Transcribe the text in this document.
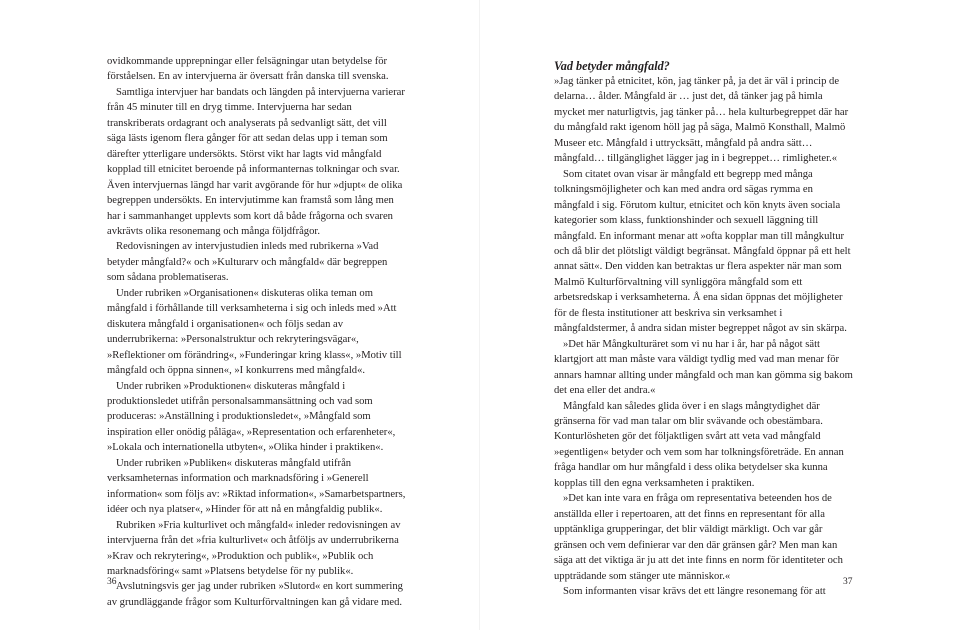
ovidkommande upprepningar eller felsägningar utan betydelse för förståelsen. En av intervjuerna är översatt från danska till svenska.

Samtliga intervjuer har bandats och längden på intervjuerna varierar från 45 minuter till en dryg timme. Intervjuerna har sedan transkriberats ordagrant och analyserats på sedvanligt sätt, det vill säga lästs igenom flera gånger för att sedan delas upp i teman som därefter ytterligare undersökts. Störst vikt har lagts vid mångfald kopplad till etnicitet beroende på informanternas tolkningar och svar. Även intervjuernas längd har varit avgörande för hur »djupt« de olika begreppen undersökts. En intervjutimme kan framstå som lång men har i sammanhanget upplevts som kort då både frågorna och svaren avkrävts olika resonemang och många följdfrågor.

Redovisningen av intervjustudien inleds med rubrikerna »Vad betyder mångfald?« och »Kulturarv och mångfald« där begreppen som sådana problematiseras.

Under rubriken »Organisationen« diskuteras olika teman om mångfald i förhållande till verksamheterna i sig och inleds med »Att diskutera mångfald i organisationen« och följs sedan av underrubrikerna: »Personalstruktur och rekryteringsvägar«, »Reflektioner om förändring«, »Funderingar kring klass«, »Motiv till mångfald och öppna sinnen«, »I konkurrens med mångfald«.

Under rubriken »Produktionen« diskuteras mångfald i produktionsledet utifrån personalsammansättning och vad som produceras: »Anställning i produktionsledet«, »Mångfald som inspiration eller onödig påläga«, »Representation och erfarenheter«, »Lokala och internationella utbyten«, »Olika hinder i praktiken«.

Under rubriken »Publiken« diskuteras mångfald utifrån verksamheternas information och marknadsföring i »Generell information« som följs av: »Riktad information«, »Samarbetspartners, idéer och nya platser«, »Hinder för att nå en mångfaldig publik«.

Rubriken »Fria kulturlivet och mångfald« inleder redovisningen av intervjuerna från det »fria kulturlivet« och åtföljs av underrubrikerna »Krav och rekrytering«, »Produktion och publik«, »Publik och marknadsföring« samt »Platsens betydelse för ny publik«.

Avslutningsvis ger jag under rubriken »Slutord« en kort summering av grundläggande frågor som Kulturförvaltningen kan gå vidare med.

36
Vad betyder mångfald?

»Jag tänker på etnicitet, kön, jag tänker på, ja det är väl i princip de delarna… ålder. Mångfald är … just det, då tänker jag på himla mycket mer naturligtvis, jag tänker på… hela kulturbegreppet där har du mångfald rakt igenom höll jag på säga, Malmö Konsthall, Malmö Museer etc. Mångfald i uttrycksätt, mångfald på andra sätt… mångfald… tillgänglighet lägger jag in i begreppet… rimligheter.«

Som citatet ovan visar är mångfald ett begrepp med många tolkningsmöjligheter och kan med andra ord sägas rymma en mångfald i sig. Förutom kultur, etnicitet och kön knyts även sociala kategorier som klass, funktionshinder och sexuell läggning till mångfald. En informant menar att »ofta kopplar man till mångkultur och då blir det plötsligt väldigt begränsat. Mångfald öppnar på ett helt annat sätt«. Den vidden kan betraktas ur flera aspekter när man som Malmö Kulturförvaltning vill synliggöra mångfald som ett arbetsredskap i verksamheterna. Å ena sidan öppnas det möjligheter för de flesta institutioner att beskriva sin verksamhet i mångfaldstermer, å andra sidan mister begreppet något av sin skärpa.

»Det här Mångkulturäret som vi nu har i år, har på något sätt klartgjort att man måste vara väldigt tydlig med vad man menar för annars hamnar allting under mångfald och man kan gömma sig bakom det ena eller det andra.«

Mångfald kan således glida över i en slags mångtydighet där gränserna för vad man talar om blir svävande och obestämbara. Konturlösheten gör det följaktligen svårt att veta vad mångfald »egentligen« betyder och vem som har tolkningsföreträde. En annan fråga handlar om hur mångfald i dess olika betydelser ska kunna kopplas till den egna verksamheten i praktiken.

»Det kan inte vara en fråga om representativa beteenden hos de anställda eller i repertoaren, att det finns en representant för alla upptänkliga grupperingar, det blir väldigt märkligt. Och var går gränsen och vem definierar var den där gränsen går? Men man kan säga att det viktiga är ju att det inte finns en norm för identiteter och uppträdande som stänger ute människor.«

Som informanten visar krävs det ett längre resonemang för att

37
